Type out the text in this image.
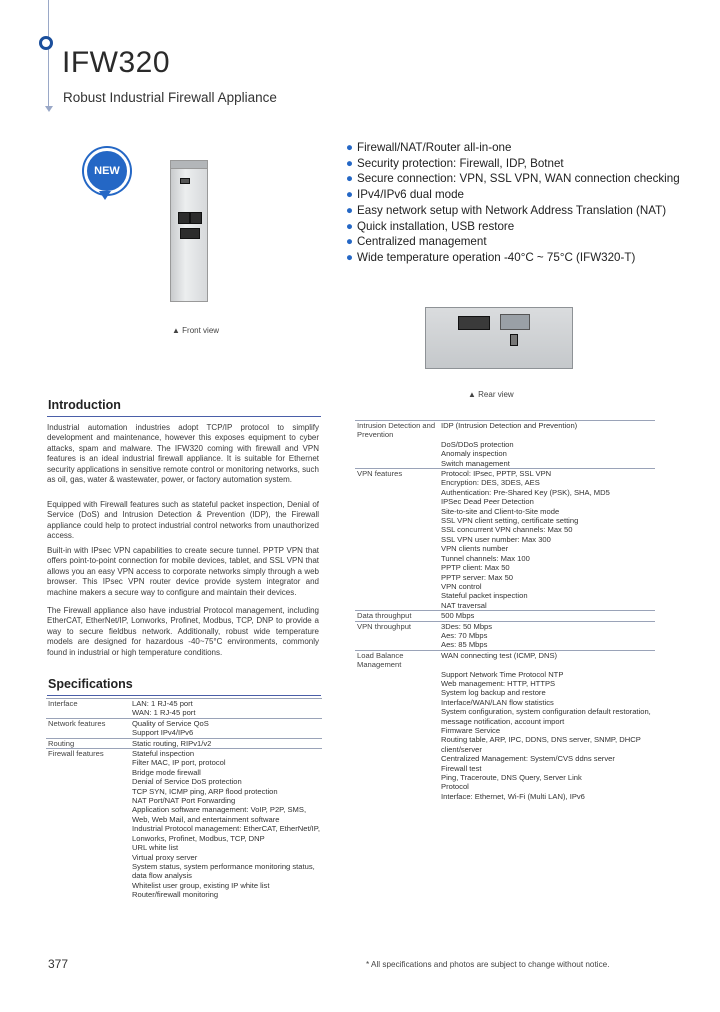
IFW320
Robust Industrial Firewall Appliance
NEW
▲ Front view
▲ Rear view
● Firewall/NAT/Router all-in-one
● Security protection: Firewall, IDP, Botnet
● Secure connection: VPN, SSL VPN, WAN connection checking
● IPv4/IPv6 dual mode
● Easy network setup with Network Address Translation (NAT)
● Quick installation, USB restore
● Centralized management
● Wide temperature operation -40°C ~ 75°C (IFW320-T)
Introduction

Industrial automation industries adopt TCP/IP protocol to simplify development and maintenance, however this exposes equipment to cyber attacks, spam and malware. The IFW320 coming with firewall and VPN features is an ideal industrial firewall appliance. It is suitable for Ethernet security applications in sensitive remote control or monitoring networks, such as oil, gas, water & wastewater, power, or factory automation system.

Equipped with Firewall features such as stateful packet inspection, Denial of Service (DoS) and Intrusion Detection & Prevention (IDP), the Firewall appliance could help to protect industrial control networks from unauthorized access.

Built-in with IPsec VPN capabilities to create secure tunnel. PPTP VPN that offers point-to-point connection for mobile devices, tablet, and SSL VPN that allows you an easy VPN access to corporate networks simply through a web browser. This IPsec VPN router device provide system integrator and machine makers a secure way to configure and maintain their devices.

The Firewall appliance also have industrial Protocol management, including EtherCAT, EtherNet/IP, Lonworks, Profinet, Modbus, TCP, DNP to provide a way to secure fieldbus network. Additionally, robust wide temperature models are designed for hazardous -40~75°C environments, commonly found in industrial or high temperature conditions.

Specifications
Interface	LAN: 1 RJ-45 port
	WAN: 1 RJ-45 port
Network features	Quality of Service QoS
	Support IPv4/IPv6
Routing	Static routing, RIPv1/v2
Firewall features	Stateful inspection
	Filter MAC, IP port, protocol
	Bridge mode firewall
	Denial of Service DoS protection
	TCP SYN, ICMP ping, ARP flood protection
	NAT Port/NAT Port Forwarding
	Application software management: VoIP, P2P, SMS, Web, Web Mail, and entertainment software
	Industrial Protocol management: EtherCAT, EtherNet/IP, Lonworks, Profinet, Modbus, TCP, DNP
	URL white list
	Virtual proxy server
	System status, system performance monitoring status, data flow analysis
	Whitelist user group, existing IP white list
	Router/firewall monitoring
Intrusion Detection and Prevention	IDP (Intrusion Detection and Prevention)
	DoS/DDoS protection
	Anomaly inspection
	Switch management
VPN features	Protocol: IPsec, PPTP, SSL VPN
	Encryption: DES, 3DES, AES
	Authentication: Pre-Shared Key (PSK), SHA, MD5
	IPSec Dead Peer Detection
	Site-to-site and Client-to-Site mode
	SSL VPN client setting, certificate setting
	SSL concurrent VPN channels: Max 50
	SSL VPN user number: Max 300
	VPN clients number
	Tunnel channels: Max 100
	PPTP client: Max 50
	PPTP server: Max 50
	VPN control
	Stateful packet inspection
	NAT traversal
Data throughput	500 Mbps
VPN throughput	3Des: 50 Mbps
	Aes: 70 Mbps
	Aes: 85 Mbps
Load Balance Management	WAN connecting test (ICMP, DNS)
	Support Network Time Protocol NTP
	Web management: HTTP, HTTPS
	System log backup and restore
	Interface/WAN/LAN flow statistics
	System configuration, system configuration default restoration, message notification, account import
	Firmware Service
	Routing table, ARP, IPC, DDNS, DNS server, SNMP, DHCP client/server
	Centralized Management: System/CVS ddns server
	Firewall test
	Ping, Traceroute, DNS Query, Server Link
	Protocol
	Interface: Ethernet, Wi-Fi (Multi LAN), IPv6
377	* All specifications and photos are subject to change without notice.
